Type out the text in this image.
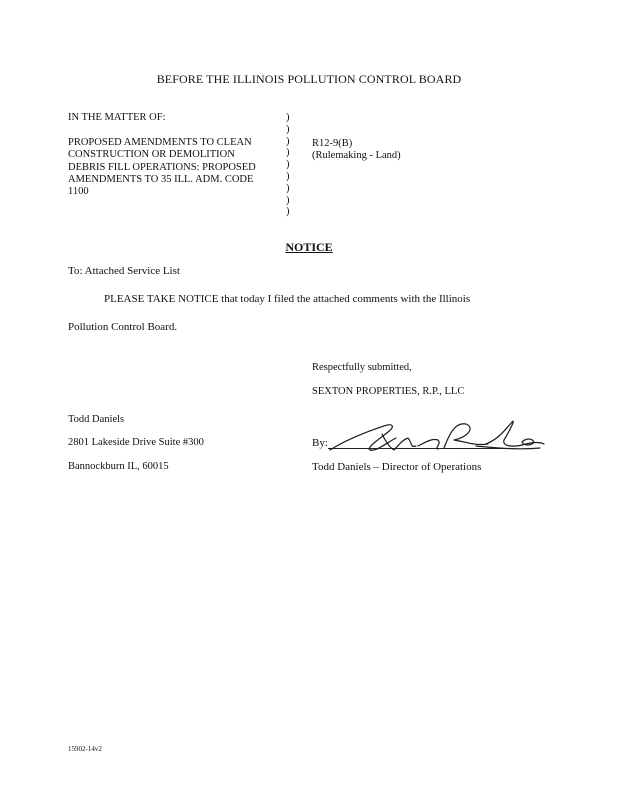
BEFORE THE ILLINOIS POLLUTION CONTROL BOARD
IN THE MATTER OF:

PROPOSED AMENDMENTS TO CLEAN
CONSTRUCTION OR DEMOLITION
DEBRIS FILL OPERATIONS: PROPOSED
AMENDMENTS TO 35 ILL. ADM. CODE
1100
)
)
)
)
)
)
)
)
)
R12-9(B)
(Rulemaking - Land)
NOTICE
To: Attached Service List
PLEASE TAKE NOTICE that today I filed the attached comments with the Illinois
Pollution Control Board.
Respectfully submitted,
SEXTON PROPERTIES, R.P., LLC
Todd Daniels
2801 Lakeside Drive Suite #300
Bannockburn IL, 60015
By:
Todd Daniels – Director of Operations
15902-14v2
